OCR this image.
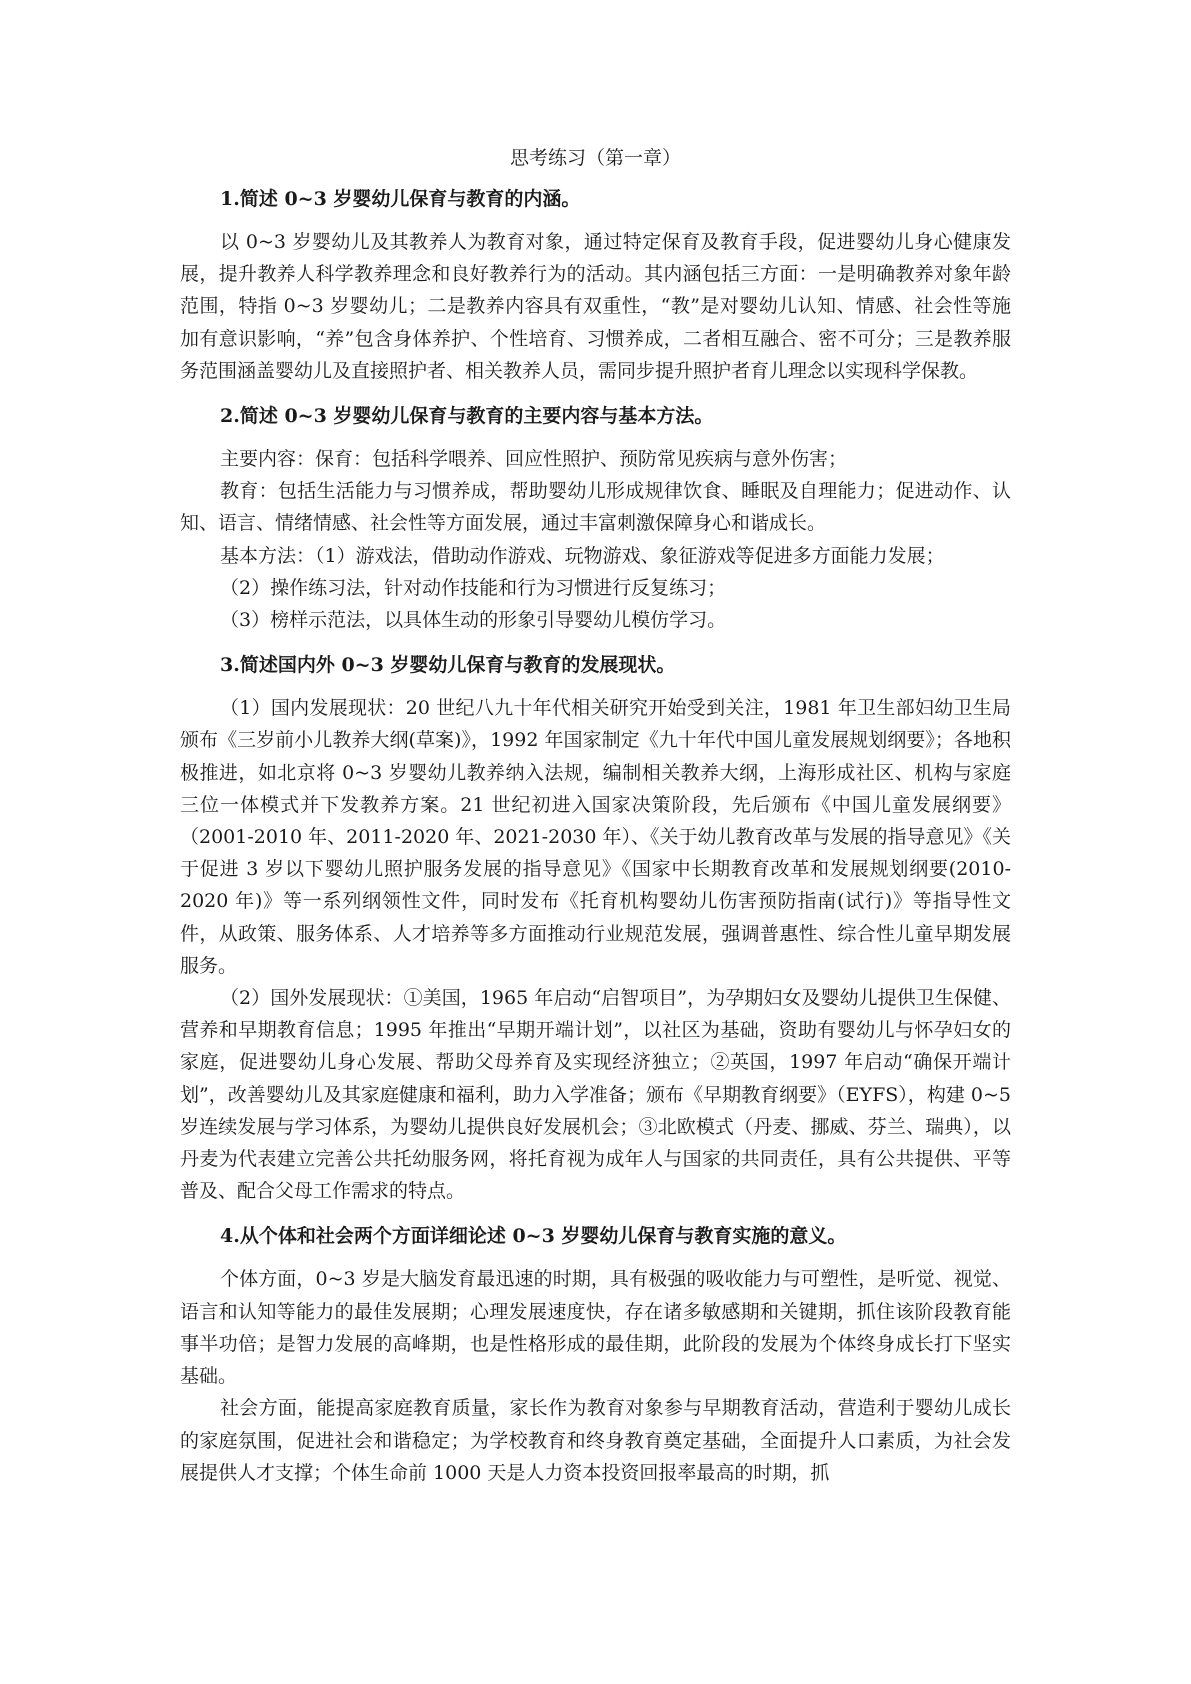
思考练习（第一章）
1.简述 0~3 岁婴幼儿保育与教育的内涵。

以 0~3 岁婴幼儿及其教养人为教育对象，通过特定保育及教育手段，促进婴幼儿身心健康发展，提升教养人科学教养理念和良好教养行为的活动。其内涵包括三方面：一是明确教养对象年龄范围，特指 0~3 岁婴幼儿；二是教养内容具有双重性，“教”是对婴幼儿认知、情感、社会性等施加有意识影响，“养”包含身体养护、个性培育、习惯养成，二者相互融合、密不可分；三是教养服务范围涵盖婴幼儿及直接照护者、相关教养人员，需同步提升照护者育儿理念以实现科学保教。

2.简述 0~3 岁婴幼儿保育与教育的主要内容与基本方法。

主要内容：保育：包括科学喂养、回应性照护、预防常见疾病与意外伤害；

教育：包括生活能力与习惯养成，帮助婴幼儿形成规律饮食、睡眠及自理能力；促进动作、认知、语言、情绪情感、社会性等方面发展，通过丰富刺激保障身心和谐成长。

基本方法：（1）游戏法，借助动作游戏、玩物游戏、象征游戏等促进多方面能力发展；

（2）操作练习法，针对动作技能和行为习惯进行反复练习；

（3）榜样示范法，以具体生动的形象引导婴幼儿模仿学习。

3.简述国内外 0~3 岁婴幼儿保育与教育的发展现状。

（1）国内发展现状：20 世纪八九十年代相关研究开始受到关注，1981 年卫生部妇幼卫生局颁布《三岁前小儿教养大纲(草案)》，1992 年国家制定《九十年代中国儿童发展规划纲要》；各地积极推进，如北京将 0~3 岁婴幼儿教养纳入法规，编制相关教养大纲，上海形成社区、机构与家庭三位一体模式并下发教养方案。21 世纪初进入国家决策阶段，先后颁布《中国儿童发展纲要》（2001-2010 年、2011-2020 年、2021-2030 年）、《关于幼儿教育改革与发展的指导意见》《关于促进 3 岁以下婴幼儿照护服务发展的指导意见》《国家中长期教育改革和发展规划纲要(2010-2020 年)》等一系列纲领性文件，同时发布《托育机构婴幼儿伤害预防指南(试行)》等指导性文件，从政策、服务体系、人才培养等多方面推动行业规范发展，强调普惠性、综合性儿童早期发展服务。

（2）国外发展现状：①美国，1965 年启动“启智项目”，为孕期妇女及婴幼儿提供卫生保健、营养和早期教育信息；1995 年推出“早期开端计划”，以社区为基础，资助有婴幼儿与怀孕妇女的家庭，促进婴幼儿身心发展、帮助父母养育及实现经济独立；②英国，1997 年启动“确保开端计划”，改善婴幼儿及其家庭健康和福利，助力入学准备；颁布《早期教育纲要》（EYFS），构建 0~5 岁连续发展与学习体系，为婴幼儿提供良好发展机会；③北欧模式（丹麦、挪威、芬兰、瑞典），以丹麦为代表建立完善公共托幼服务网，将托育视为成年人与国家的共同责任，具有公共提供、平等普及、配合父母工作需求的特点。

4.从个体和社会两个方面详细论述 0~3 岁婴幼儿保育与教育实施的意义。

个体方面，0~3 岁是大脑发育最迅速的时期，具有极强的吸收能力与可塑性，是听觉、视觉、语言和认知等能力的最佳发展期；心理发展速度快，存在诸多敏感期和关键期，抓住该阶段教育能事半功倍；是智力发展的高峰期，也是性格形成的最佳期，此阶段的发展为个体终身成长打下坚实基础。

社会方面，能提高家庭教育质量，家长作为教育对象参与早期教育活动，营造利于婴幼儿成长的家庭氛围，促进社会和谐稳定；为学校教育和终身教育奠定基础，全面提升人口素质，为社会发展提供人才支撑；个体生命前 1000 天是人力资本投资回报率最高的时期，抓
